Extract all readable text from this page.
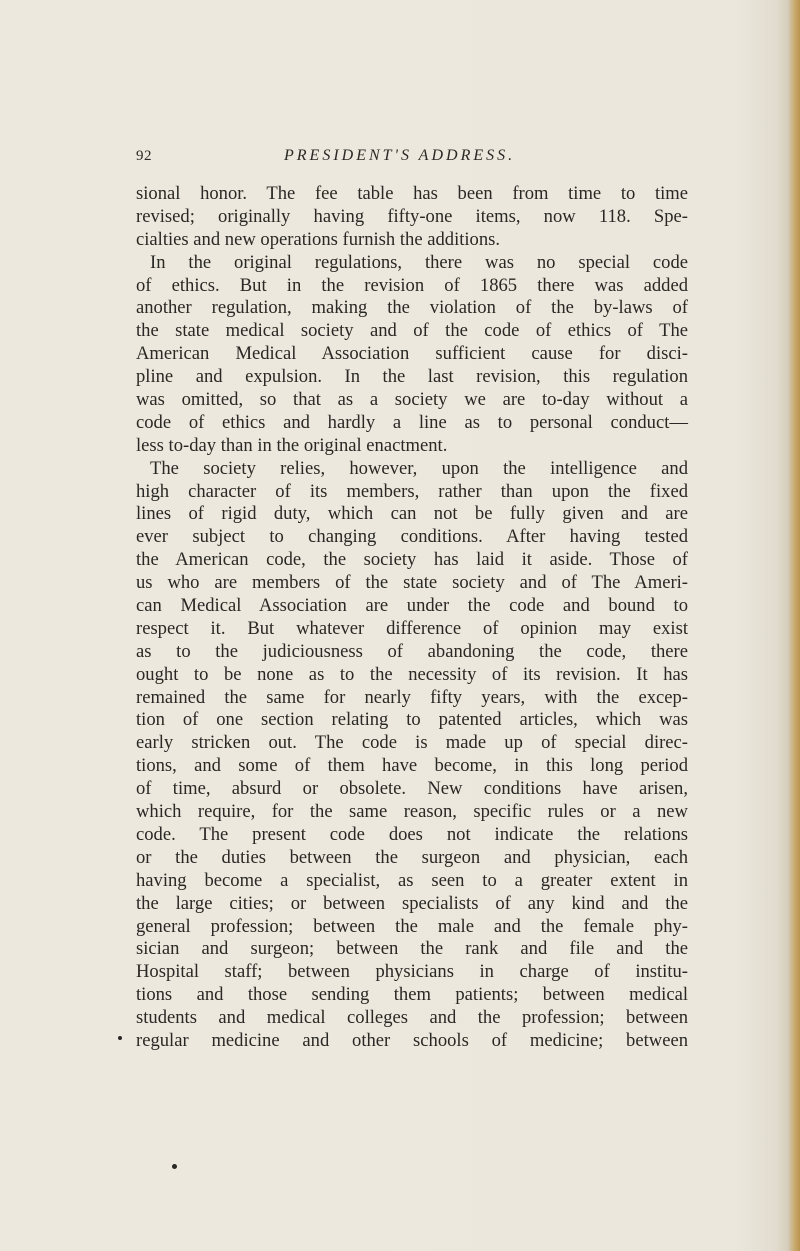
92	PRESIDENT'S ADDRESS.
sional honor. The fee table has been from time to time
revised; originally having fifty-one items, now 118. Spe-
cialties and new operations furnish the additions.
In the original regulations, there was no special code
of ethics. But in the revision of 1865 there was added
another regulation, making the violation of the by-laws of
the state medical society and of the code of ethics of The
American Medical Association sufficient cause for disci-
pline and expulsion. In the last revision, this regulation
was omitted, so that as a society we are to-day without a
code of ethics and hardly a line as to personal conduct—
less to-day than in the original enactment.
The society relies, however, upon the intelligence and
high character of its members, rather than upon the fixed
lines of rigid duty, which can not be fully given and are
ever subject to changing conditions. After having tested
the American code, the society has laid it aside. Those of
us who are members of the state society and of The Ameri-
can Medical Association are under the code and bound to
respect it. But whatever difference of opinion may exist
as to the judiciousness of abandoning the code, there
ought to be none as to the necessity of its revision. It has
remained the same for nearly fifty years, with the excep-
tion of one section relating to patented articles, which was
early stricken out. The code is made up of special direc-
tions, and some of them have become, in this long period
of time, absurd or obsolete. New conditions have arisen,
which require, for the same reason, specific rules or a new
code. The present code does not indicate the relations
or the duties between the surgeon and physician, each
having become a specialist, as seen to a greater extent in
the large cities; or between specialists of any kind and the
general profession; between the male and the female phy-
sician and surgeon; between the rank and file and the
Hospital staff; between physicians in charge of institu-
tions and those sending them patients; between medical
students and medical colleges and the profession; between
regular medicine and other schools of medicine; between
